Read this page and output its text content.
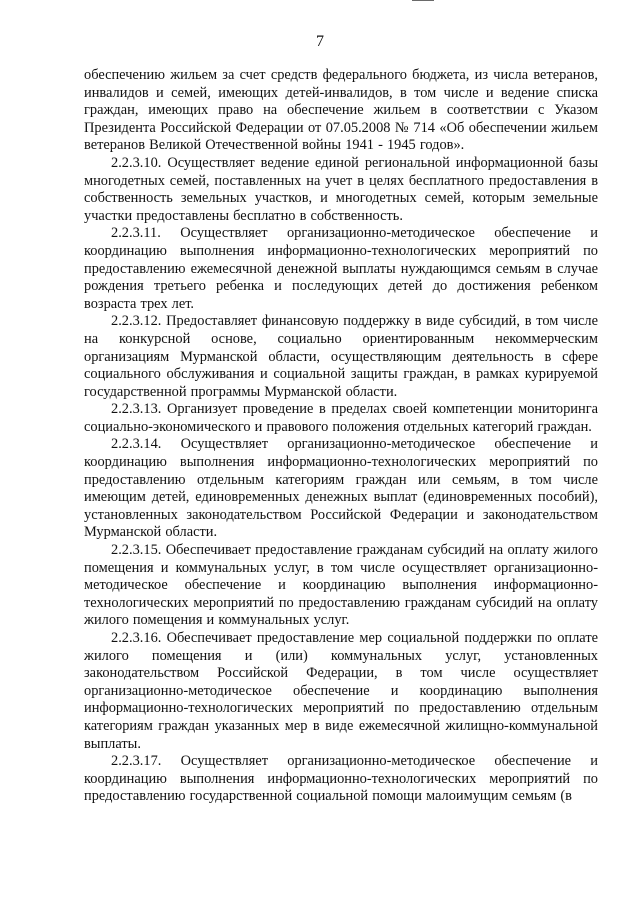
7

обеспечению жильем за счет средств федерального бюджета, из числа ветеранов, инвалидов и семей, имеющих детей-инвалидов, в том числе и ведение списка граждан, имеющих право на обеспечение жильем в соответствии с Указом Президента Российской Федерации от 07.05.2008 № 714 «Об обеспечении жильем ветеранов Великой Отечественной войны 1941 - 1945 годов».

2.2.3.10. Осуществляет ведение единой региональной информационной базы многодетных семей, поставленных на учет в целях бесплатного предоставления в собственность земельных участков, и многодетных семей, которым земельные участки предоставлены бесплатно в собственность.

2.2.3.11. Осуществляет организационно-методическое обеспечение и координацию выполнения информационно-технологических мероприятий по предоставлению ежемесячной денежной выплаты нуждающимся семьям в случае рождения третьего ребенка и последующих детей до достижения ребенком возраста трех лет.

2.2.3.12. Предоставляет финансовую поддержку в виде субсидий, в том числе на конкурсной основе, социально ориентированным некоммерческим организациям Мурманской области, осуществляющим деятельность в сфере социального обслуживания и социальной защиты граждан, в рамках курируемой государственной программы Мурманской области.

2.2.3.13. Организует проведение в пределах своей компетенции мониторинга социально-экономического и правового положения отдельных категорий граждан.

2.2.3.14. Осуществляет организационно-методическое обеспечение и координацию выполнения информационно-технологических мероприятий по предоставлению отдельным категориям граждан или семьям, в том числе имеющим детей, единовременных денежных выплат (единовременных пособий), установленных законодательством Российской Федерации и законодательством Мурманской области.

2.2.3.15. Обеспечивает предоставление гражданам субсидий на оплату жилого помещения и коммунальных услуг, в том числе осуществляет организационно-методическое обеспечение и координацию выполнения информационно-технологических мероприятий по предоставлению гражданам субсидий на оплату жилого помещения и коммунальных услуг.

2.2.3.16. Обеспечивает предоставление мер социальной поддержки по оплате жилого помещения и (или) коммунальных услуг, установленных законодательством Российской Федерации, в том числе осуществляет организационно-методическое обеспечение и координацию выполнения информационно-технологических мероприятий по предоставлению отдельным категориям граждан указанных мер в виде ежемесячной жилищно-коммунальной выплаты.

2.2.3.17. Осуществляет организационно-методическое обеспечение и координацию выполнения информационно-технологических мероприятий по предоставлению государственной социальной помощи малоимущим семьям (в
